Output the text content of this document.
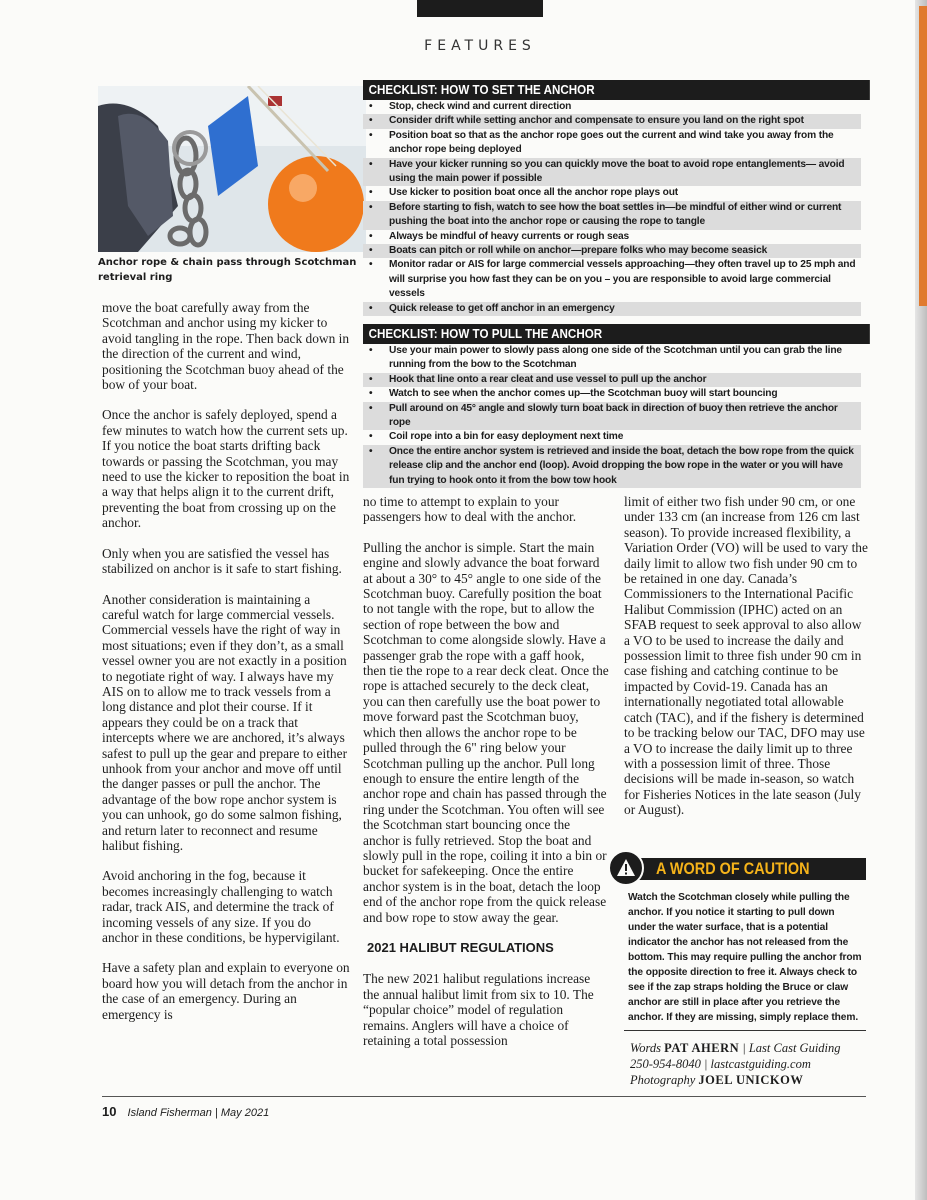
FEATURES
Anchor rope & chain pass through Scotchman retrieval ring
CHECKLIST: HOW TO SET THE ANCHOR
• Stop, check wind and current direction
• Consider drift while setting anchor and compensate to ensure you land on the right spot
• Position boat so that as the anchor rope goes out the current and wind take you away from the anchor rope being deployed
• Have your kicker running so you can quickly move the boat to avoid rope entanglements— avoid using the main power if possible
• Use kicker to position boat once all the anchor rope plays out
• Before starting to fish, watch to see how the boat settles in—be mindful of either wind or current pushing the boat into the anchor rope or causing the rope to tangle
• Always be mindful of heavy currents or rough seas
• Boats can pitch or roll while on anchor—prepare folks who may become seasick
• Monitor radar or AIS for large commercial vessels approaching—they often travel up to 25 mph and will surprise you how fast they can be on you – you are responsible to avoid large commercial vessels
• Quick release to get off anchor in an emergency
CHECKLIST: HOW TO PULL THE ANCHOR
• Use your main power to slowly pass along one side of the Scotchman until you can grab the line running from the bow to the Scotchman
• Hook that line onto a rear cleat and use vessel to pull up the anchor
• Watch to see when the anchor comes up—the Scotchman buoy will start bouncing
• Pull around on 45° angle and slowly turn boat back in direction of buoy then retrieve the anchor rope
• Coil rope into a bin for easy deployment next time
• Once the entire anchor system is retrieved and inside the boat, detach the bow rope from the quick release clip and the anchor end (loop). Avoid dropping the bow rope in the water or you will have fun trying to hook onto it from the bow tow hook

move the boat carefully away from the Scotchman and anchor using my kicker to avoid tangling in the rope. Then back down in the direction of the current and wind, positioning the Scotchman buoy ahead of the bow of your boat.

Once the anchor is safely deployed, spend a few minutes to watch how the current sets up. If you notice the boat starts drifting back towards or passing the Scotchman, you may need to use the kicker to reposition the boat in a way that helps align it to the current drift, preventing the boat from crossing up on the anchor.

Only when you are satisfied the vessel has stabilized on anchor is it safe to start fishing.

Another consideration is maintaining a careful watch for large commercial vessels. Commercial vessels have the right of way in most situations; even if they don’t, as a small vessel owner you are not exactly in a position to negotiate right of way. I always have my AIS on to allow me to track vessels from a long distance and plot their course. If it appears they could be on a track that intercepts where we are anchored, it’s always safest to pull up the gear and prepare to either unhook from your anchor and move off until the danger passes or pull the anchor. The advantage of the bow rope anchor system is you can unhook, go do some salmon fishing, and return later to reconnect and resume halibut fishing.

Avoid anchoring in the fog, because it becomes increasingly challenging to watch radar, track AIS, and determine the track of incoming vessels of any size. If you do anchor in these conditions, be hypervigilant.

Have a safety plan and explain to everyone on board how you will detach from the anchor in the case of an emergency. During an emergency is

no time to attempt to explain to your passengers how to deal with the anchor.

Pulling the anchor is simple. Start the main engine and slowly advance the boat forward at about a 30° to 45° angle to one side of the Scotchman buoy. Carefully position the boat to not tangle with the rope, but to allow the section of rope between the bow and Scotchman to come alongside slowly. Have a passenger grab the rope with a gaff hook, then tie the rope to a rear deck cleat. Once the rope is attached securely to the deck cleat, you can then carefully use the boat power to move forward past the Scotchman buoy, which then allows the anchor rope to be pulled through the 6" ring below your Scotchman pulling up the anchor. Pull long enough to ensure the entire length of the anchor rope and chain has passed through the ring under the Scotchman. You often will see the Scotchman start bouncing once the anchor is fully retrieved. Stop the boat and slowly pull in the rope, coiling it into a bin or bucket for safekeeping. Once the entire anchor system is in the boat, detach the loop end of the anchor rope from the quick release and bow rope to stow away the gear.

2021 HALIBUT REGULATIONS

The new 2021 halibut regulations increase the annual halibut limit from six to 10. The “popular choice” model of regulation remains. Anglers will have a choice of retaining a total possession

limit of either two fish under 90 cm, or one under 133 cm (an increase from 126 cm last season). To provide increased flexibility, a Variation Order (VO) will be used to vary the daily limit to allow two fish under 90 cm to be retained in one day. Canada’s Commissioners to the International Pacific Halibut Commission (IPHC) acted on an SFAB request to seek approval to also allow a VO to be used to increase the daily and possession limit to three fish under 90 cm in case fishing and catching continue to be impacted by Covid-19. Canada has an internationally negotiated total allowable catch (TAC), and if the fishery is determined to be tracking below our TAC, DFO may use a VO to increase the daily limit up to three with a possession limit of three. Those decisions will be made in-season, so watch for Fisheries Notices in the late season (July or August).

A WORD OF CAUTION
Watch the Scotchman closely while pulling the anchor. If you notice it starting to pull down under the water surface, that is a potential indicator the anchor has not released from the bottom. This may require pulling the anchor from the opposite direction to free it. Always check to see if the zap straps holding the Bruce or claw anchor are still in place after you retrieve the anchor. If they are missing, simply replace them.
Words PAT AHERN | Last Cast Guiding
250-954-8040 | lastcastguiding.com
Photography JOEL UNICKOW
10 Island Fisherman | May 2021
